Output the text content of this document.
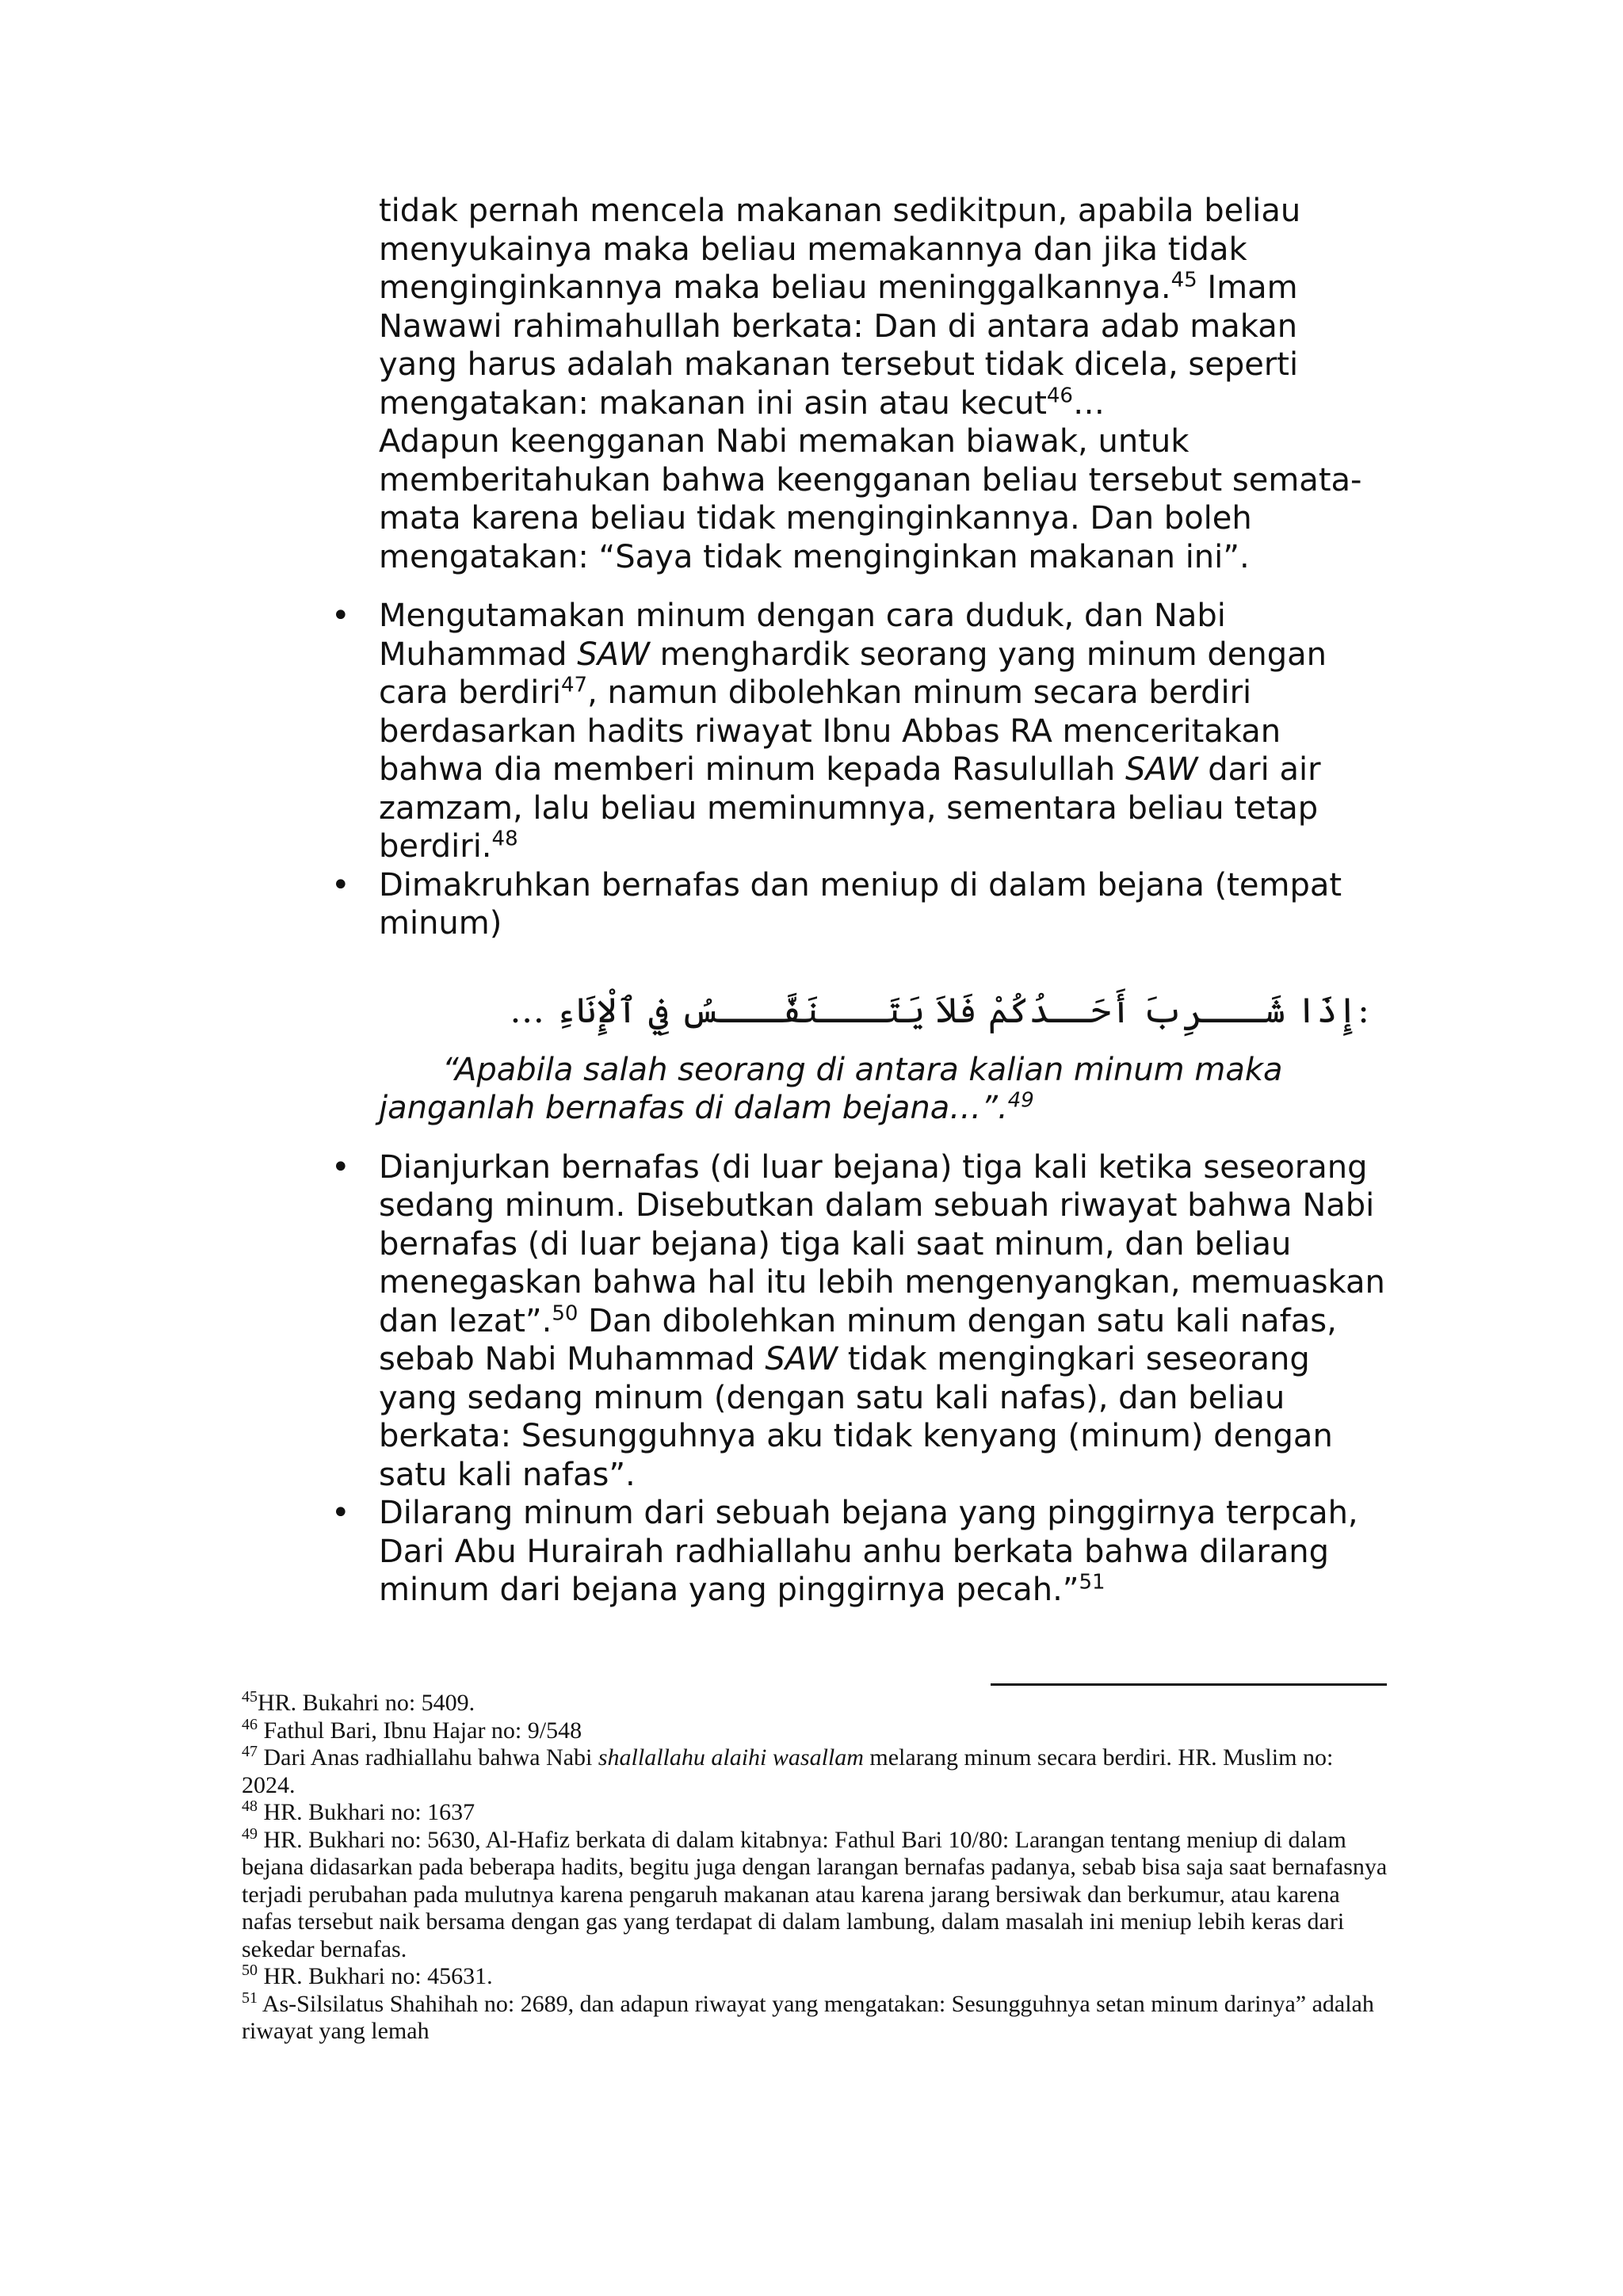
tidak pernah mencela makanan sedikitpun, apabila beliau menyukainya maka beliau memakannya dan jika tidak menginginkannya maka beliau meninggalkannya.$^{45}$ Imam Nawawi rahimahullah berkata: Dan di antara adab makan yang harus adalah makanan tersebut tidak dicela, seperti mengatakan: makanan ini asin atau kecut$^{46}$…

Adapun keengganan Nabi memakan biawak, untuk memberitahukan bahwa keengganan beliau tersebut semata-mata karena beliau tidak menginginkannya. Dan boleh mengatakan: “Saya tidak menginginkan makanan ini”.

• Mengutamakan minum dengan cara duduk, dan Nabi Muhammad SAW menghardik seorang yang minum dengan cara berdiri$^{47}$, namun dibolehkan minum secara berdiri berdasarkan hadits riwayat Ibnu Abbas RA menceritakan bahwa dia memberi minum kepada Rasulullah SAW dari air zamzam, lalu beliau meminumnya, sementara beliau tetap berdiri.$^{48}$
• Dimakruhkan bernafas dan meniup di dalam bejana (tempat minum)

:إِذَا شَـــرِبَ أَحَــدُكُمْ فَلاَ يَتَـــنَفَّـــسُ فِي ٱلْإِنَاءِ …

“Apabila salah seorang di antara kalian minum maka janganlah bernafas di dalam bejana…”.$^{49}$

• Dianjurkan bernafas (di luar bejana) tiga kali ketika seseorang sedang minum. Disebutkan dalam sebuah riwayat bahwa Nabi bernafas (di luar bejana) tiga kali saat minum, dan beliau menegaskan bahwa hal itu lebih mengenyangkan, memuaskan dan lezat”.$^{50}$ Dan dibolehkan minum dengan satu kali nafas, sebab Nabi Muhammad SAW tidak mengingkari seseorang yang sedang minum (dengan satu kali nafas), dan beliau berkata: Sesungguhnya aku tidak kenyang (minum) dengan satu kali nafas”.
• Dilarang minum dari sebuah bejana yang pinggirnya terpcah, Dari Abu Hurairah radhiallahu anhu berkata bahwa dilarang minum dari bejana yang pinggirnya pecah.”$^{51}$

$^{45}$HR. Bukahri no: 5409.

$^{46}$ Fathul Bari, Ibnu Hajar no: 9/548

$^{47}$ Dari Anas radhiallahu bahwa Nabi shallallahu alaihi wasallam melarang minum secara berdiri. HR. Muslim no: 2024.

$^{48}$ HR. Bukhari no: 1637

$^{49}$ HR. Bukhari no: 5630, Al-Hafiz berkata di dalam kitabnya: Fathul Bari 10/80: Larangan tentang meniup di dalam bejana didasarkan pada beberapa hadits, begitu juga dengan larangan bernafas padanya, sebab bisa saja saat bernafasnya terjadi perubahan pada mulutnya karena pengaruh makanan atau karena jarang bersiwak dan berkumur, atau karena nafas tersebut naik bersama dengan gas yang terdapat di dalam lambung, dalam masalah ini meniup lebih keras dari sekedar bernafas.

$^{50}$ HR. Bukhari no: 45631.

$^{51}$ As-Silsilatus Shahihah no: 2689, dan adapun riwayat yang mengatakan: Sesungguhnya setan minum darinya” adalah riwayat yang lemah
